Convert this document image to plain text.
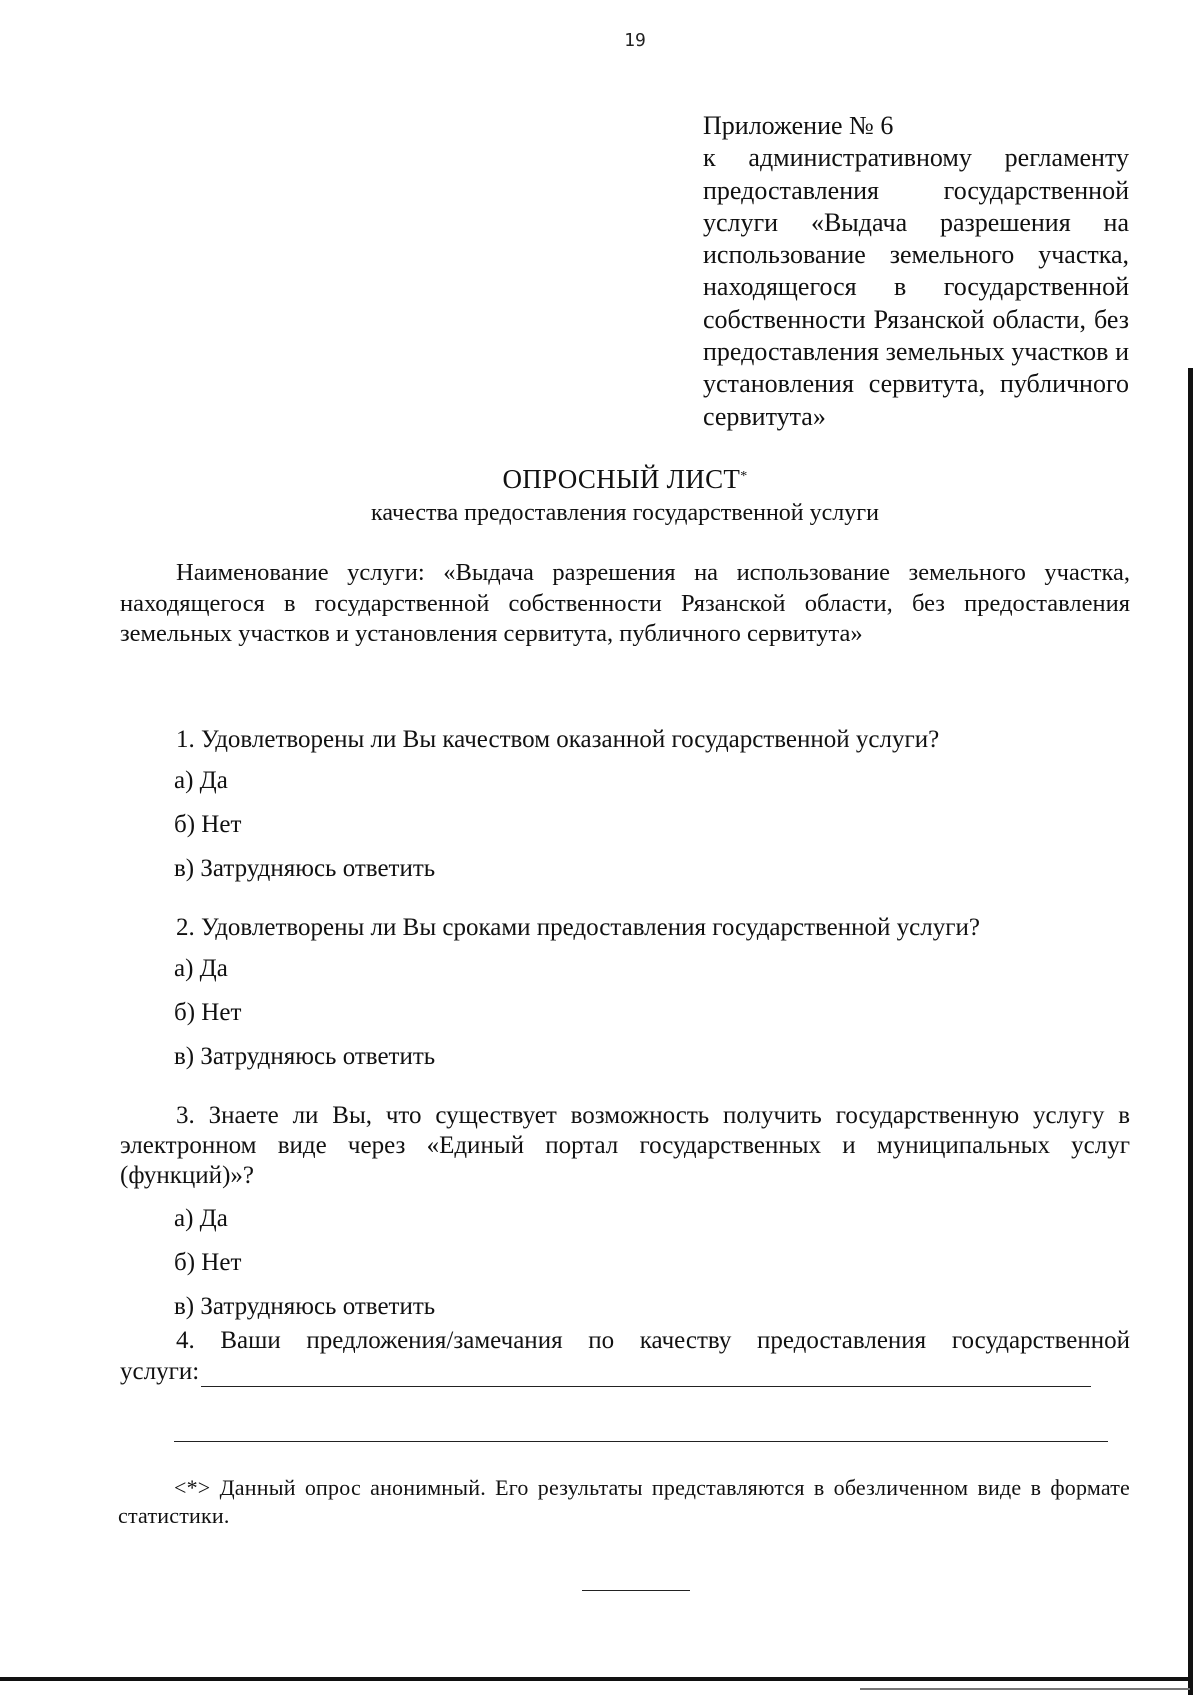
19
Приложение № 6
к административному регламенту предоставления государственной услуги «Выдача разрешения на использование земельного участка, находящегося в государственной собственности Рязанской области, без предоставления земельных участков и установления сервитута, публичного сервитута»
ОПРОСНЫЙ ЛИСТ*
качества предоставления государственной услуги
Наименование услуги: «Выдача разрешения на использование земельного участка, находящегося в государственной собственности Рязанской области, без предоставления земельных участков и установления сервитута, публичного сервитута»
1. Удовлетворены ли Вы качеством оказанной государственной услуги?
а) Да
б) Нет
в) Затрудняюсь ответить
2. Удовлетворены ли Вы сроками предоставления государственной услуги?
а) Да
б) Нет
в) Затрудняюсь ответить
3. Знаете ли Вы, что существует возможность получить государственную услугу в электронном виде через «Единый портал государственных и муниципальных услуг (функций)»?
а) Да
б) Нет
в) Затрудняюсь ответить
4. Ваши предложения/замечания по качеству предоставления государственной
услуги:
<*> Данный опрос анонимный. Его результаты представляются в обезличенном виде в формате статистики.
